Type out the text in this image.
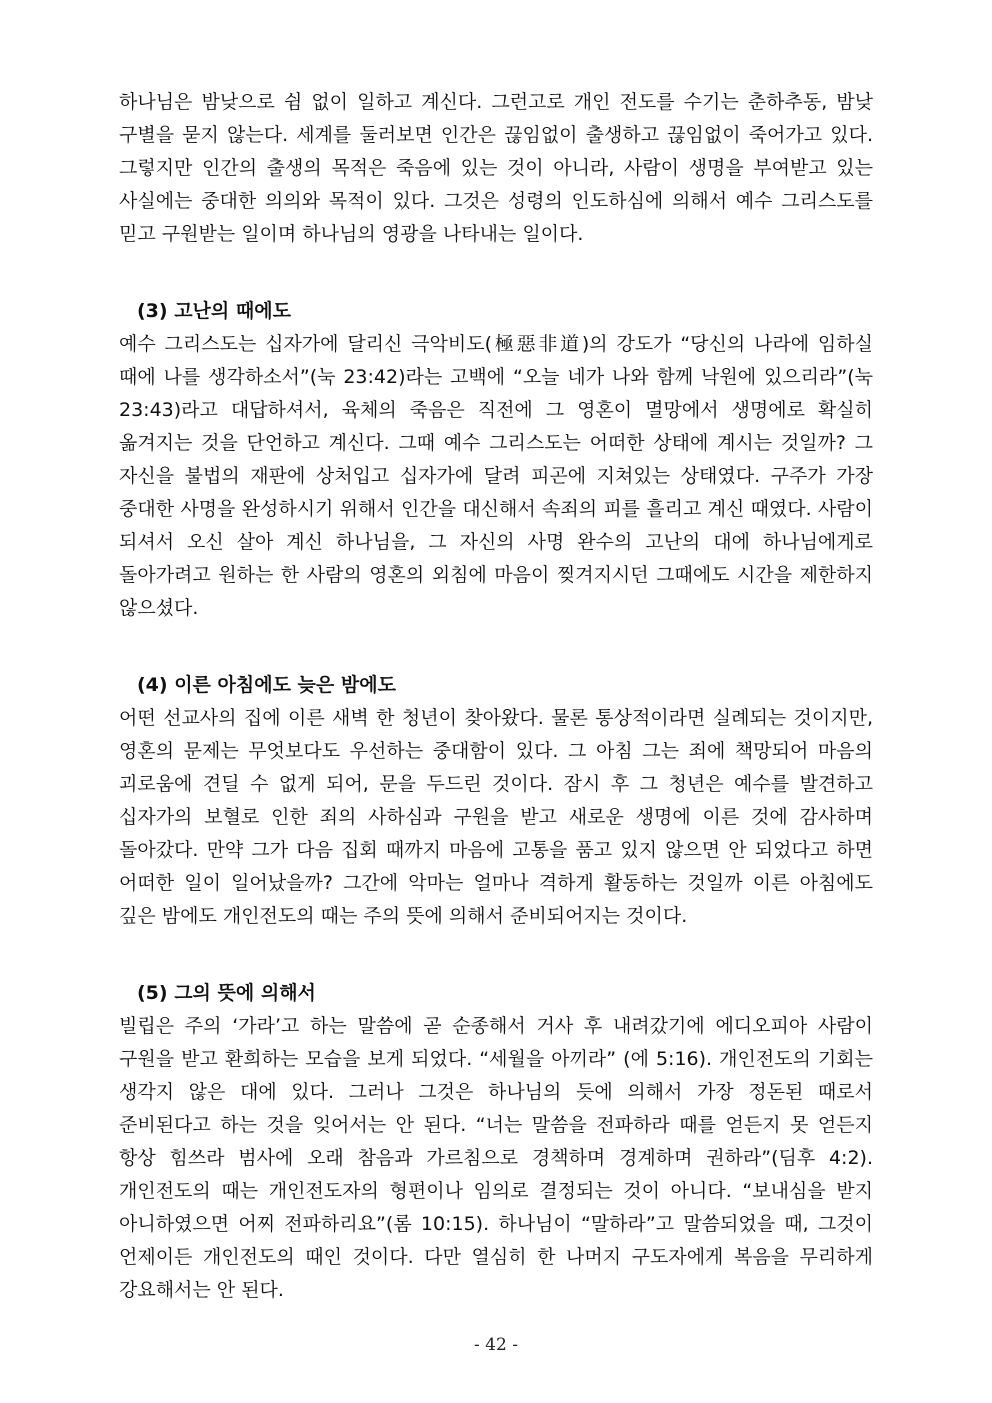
하나님은 밤낮으로 쉼 없이 일하고 계신다. 그런고로 개인 전도를 수기는 춘하추동, 밤낮 구별을 묻지 않는다. 세계를 둘러보면 인간은 끊임없이 출생하고 끊임없이 죽어가고 있다. 그렇지만 인간의 출생의 목적은 죽음에 있는 것이 아니라, 사람이 생명을 부여받고 있는 사실에는 중대한 의의와 목적이 있다. 그것은 성령의 인도하심에 의해서 예수 그리스도를 믿고 구원받는 일이며 하나님의 영광을 나타내는 일이다.

(3) 고난의 때에도

예수 그리스도는 십자가에 달리신 극악비도(極惡非道)의 강도가 “당신의 나라에 임하실 때에 나를 생각하소서”(눅 23:42)라는 고백에 “오늘 네가 나와 함께 낙원에 있으리라”(눅 23:43)라고 대답하셔서, 육체의 죽음은 직전에 그 영혼이 멸망에서 생명에로 확실히 옮겨지는 것을 단언하고 계신다. 그때 예수 그리스도는 어떠한 상태에 계시는 것일까? 그 자신을 불법의 재판에 상처입고 십자가에 달려 피곤에 지쳐있는 상태였다. 구주가 가장 중대한 사명을 완성하시기 위해서 인간을 대신해서 속죄의 피를 흘리고 계신 때였다. 사람이 되셔서 오신 살아 계신 하나님을, 그 자신의 사명 완수의 고난의 대에 하나님에게로 돌아가려고 원하는 한 사람의 영혼의 외침에 마음이 찢겨지시던 그때에도 시간을 제한하지 않으셨다.

(4) 이른 아침에도 늦은 밤에도

어떤 선교사의 집에 이른 새벽 한 청년이 찾아왔다. 물론 통상적이라면 실례되는 것이지만, 영혼의 문제는 무엇보다도 우선하는 중대함이 있다. 그 아침 그는 죄에 책망되어 마음의 괴로움에 견딜 수 없게 되어, 문을 두드린 것이다. 잠시 후 그 청년은 예수를 발견하고 십자가의 보혈로 인한 죄의 사하심과 구원을 받고 새로운 생명에 이른 것에 감사하며 돌아갔다. 만약 그가 다음 집회 때까지 마음에 고통을 품고 있지 않으면 안 되었다고 하면 어떠한 일이 일어났을까? 그간에 악마는 얼마나 격하게 활동하는 것일까 이른 아침에도 깊은 밤에도 개인전도의 때는 주의 뜻에 의해서 준비되어지는 것이다.

(5) 그의 뜻에 의해서

빌립은 주의 ‘가라’고 하는 말씀에 곧 순종해서 거사 후 내려갔기에 에디오피아 사람이 구원을 받고 환희하는 모습을 보게 되었다. “세월을 아끼라” (에 5:16). 개인전도의 기회는 생각지 않은 대에 있다. 그러나 그것은 하나님의 듯에 의해서 가장 정돈된 때로서 준비된다고 하는 것을 잊어서는 안 된다. “너는 말씀을 전파하라 때를 얻든지 못 얻든지 항상 힘쓰라 범사에 오래 참음과 가르침으로 경책하며 경계하며 권하라”(딤후 4:2). 개인전도의 때는 개인전도자의 형편이나 임의로 결정되는 것이 아니다. “보내심을 받지 아니하였으면 어찌 전파하리요”(롬 10:15). 하나님이 “말하라”고 말씀되었을 때, 그것이 언제이든 개인전도의 때인 것이다. 다만 열심히 한 나머지 구도자에게 복음을 무리하게 강요해서는 안 된다.

- 42 -
